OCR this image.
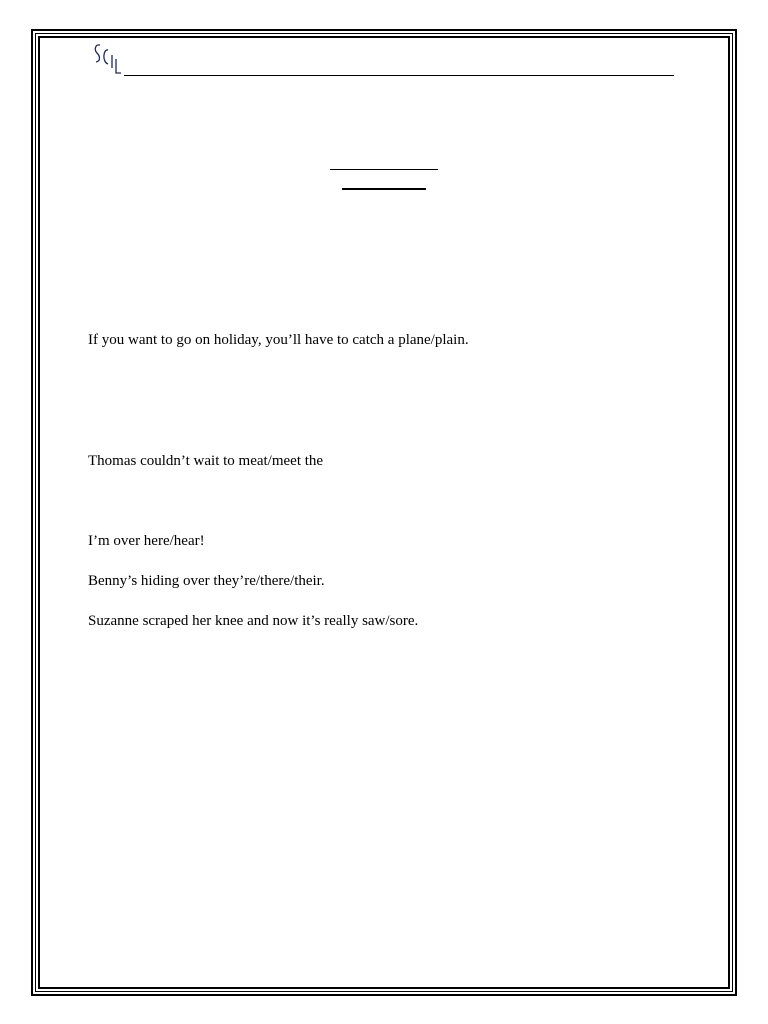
If you want to go on holiday, you’ll have to catch a plane/plain.

Thomas couldn’t wait to meat/meet the

I’m over here/hear!

Benny’s hiding over they’re/there/their.

Suzanne scraped her knee and now it’s really saw/sore.
